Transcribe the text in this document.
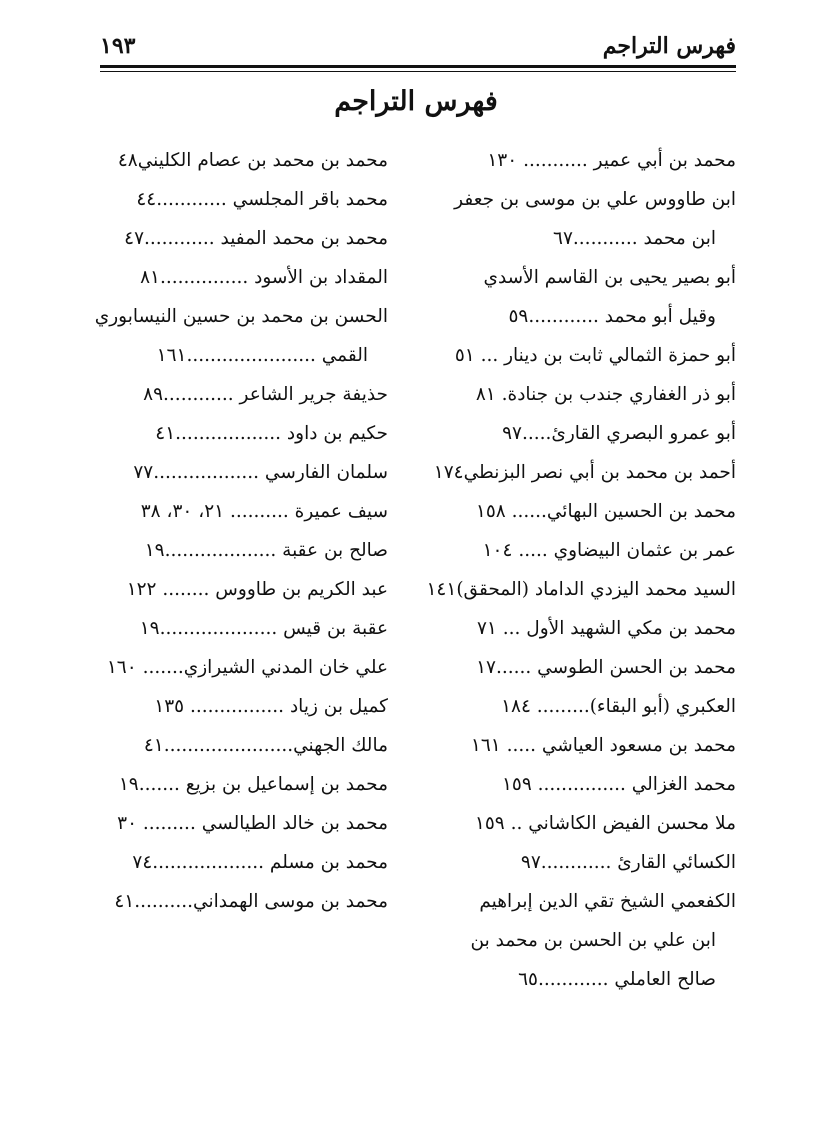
فهرس التراجم
١٩٣
فهرس التراجم
محمد بن أبي عمير ........... ١٣٠
ابن طاووس علي بن موسى بن جعفر
ابن محمد ...........٦٧
أبو بصير يحيى بن القاسم الأسدي
وقيل أبو محمد ............٥٩
أبو حمزة الثمالي ثابت بن دينار ... ٥١
أبو ذر الغفاري جندب بن جنادة. ٨١
أبو عمرو البصري القارئ.....٩٧
أحمد بن محمد بن أبي نصر البزنطي١٧٤
محمد بن الحسين البهائي...... ١٥٨
عمر بن عثمان البيضاوي ..... ١٠٤
السيد محمد اليزدي الداماد (المحقق)١٤١
محمد بن مكي الشهيد الأول ... ٧١
محمد بن الحسن الطوسي ......١٧
العكبري (أبو البقاء)......... ١٨٤
محمد بن مسعود العياشي ..... ١٦١
محمد الغزالي ............... ١٥٩
ملا محسن الفيض الكاشاني .. ١٥٩
الكسائي القارئ ............٩٧
الكفعمي الشيخ تقي الدين إبراهيم
ابن علي بن الحسن بن محمد بن
صالح العاملي ............٦٥
محمد بن محمد بن عصام الكليني٤٨
محمد باقر المجلسي ............٤٤
محمد بن محمد المفيد ............٤٧
المقداد بن الأسود ...............٨١
الحسن بن محمد بن حسين النيسابوري
القمي ......................١٦١
حذيفة جرير الشاعر ............٨٩
حكيم بن داود ..................٤١
سلمان الفارسي ..................٧٧
سيف عميرة .......... ٢١، ٣٠، ٣٨
صالح بن عقبة ...................١٩
عبد الكريم بن طاووس ........ ١٢٢
عقبة بن قيس ....................١٩
علي خان المدني الشيرازي....... ١٦٠
كميل بن زياد ................ ١٣٥
مالك الجهني......................٤١
محمد بن إسماعيل بن بزيع .......١٩
محمد بن خالد الطيالسي ......... ٣٠
محمد بن مسلم ...................٧٤
محمد بن موسى الهمداني..........٤١
